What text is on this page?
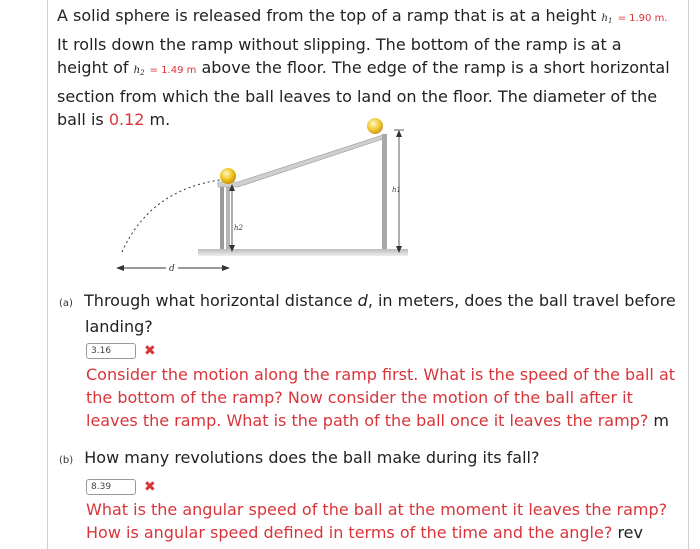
A solid sphere is released from the top of a ramp that is at a height $h_1 = 1.90$ m.
It rolls down the ramp without slipping. The bottom of the ramp is at a
height of $h_2 = 1.49$ m above the floor. The edge of the ramp is a short horizontal
section from which the ball leaves to land on the floor. The diameter of the
ball is 0.12 m.
h1
h2
d
(a) Through what horizontal distance d, in meters, does the ball travel before
landing?
3.16	✖
Consider the motion along the ramp first. What is the speed of the ball at
the bottom of the ramp? Now consider the motion of the ball after it
leaves the ramp. What is the path of the ball once it leaves the ramp? m
(b) How many revolutions does the ball make during its fall?
8.39	✖
What is the angular speed of the ball at the moment it leaves the ramp?
How is angular speed defined in terms of the time and the angle? rev
